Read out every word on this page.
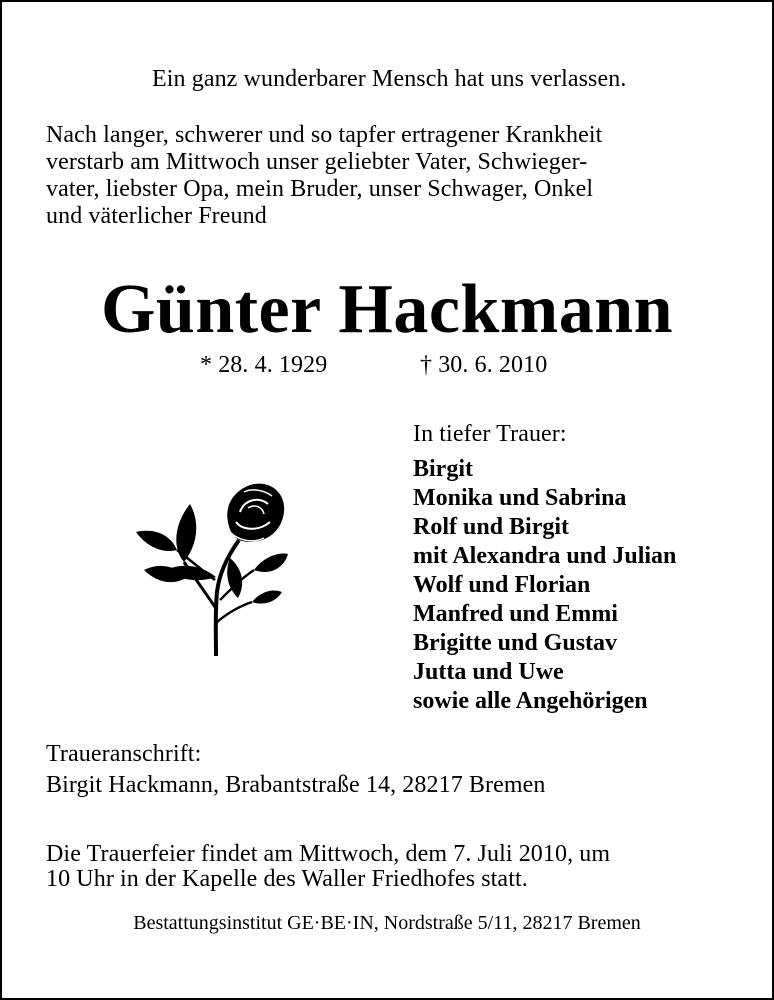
Ein ganz wunderbarer Mensch hat uns verlassen.
Nach langer, schwerer und so tapfer ertragener Krankheit
verstarb am Mittwoch unser geliebter Vater, Schwieger-
vater, liebster Opa, mein Bruder, unser Schwager, Onkel
und väterlicher Freund
Günter Hackmann
* 28. 4. 1929	† 30. 6. 2010
In tiefer Trauer:
Birgit
Monika und Sabrina
Rolf und Birgit
mit Alexandra und Julian
Wolf und Florian
Manfred und Emmi
Brigitte und Gustav
Jutta und Uwe
sowie alle Angehörigen
Traueranschrift:
Birgit Hackmann, Brabantstraße 14, 28217 Bremen
Die Trauerfeier findet am Mittwoch, dem 7. Juli 2010, um
10 Uhr in der Kapelle des Waller Friedhofes statt.
Bestattungsinstitut GE·BE·IN, Nordstraße 5/11, 28217 Bremen
